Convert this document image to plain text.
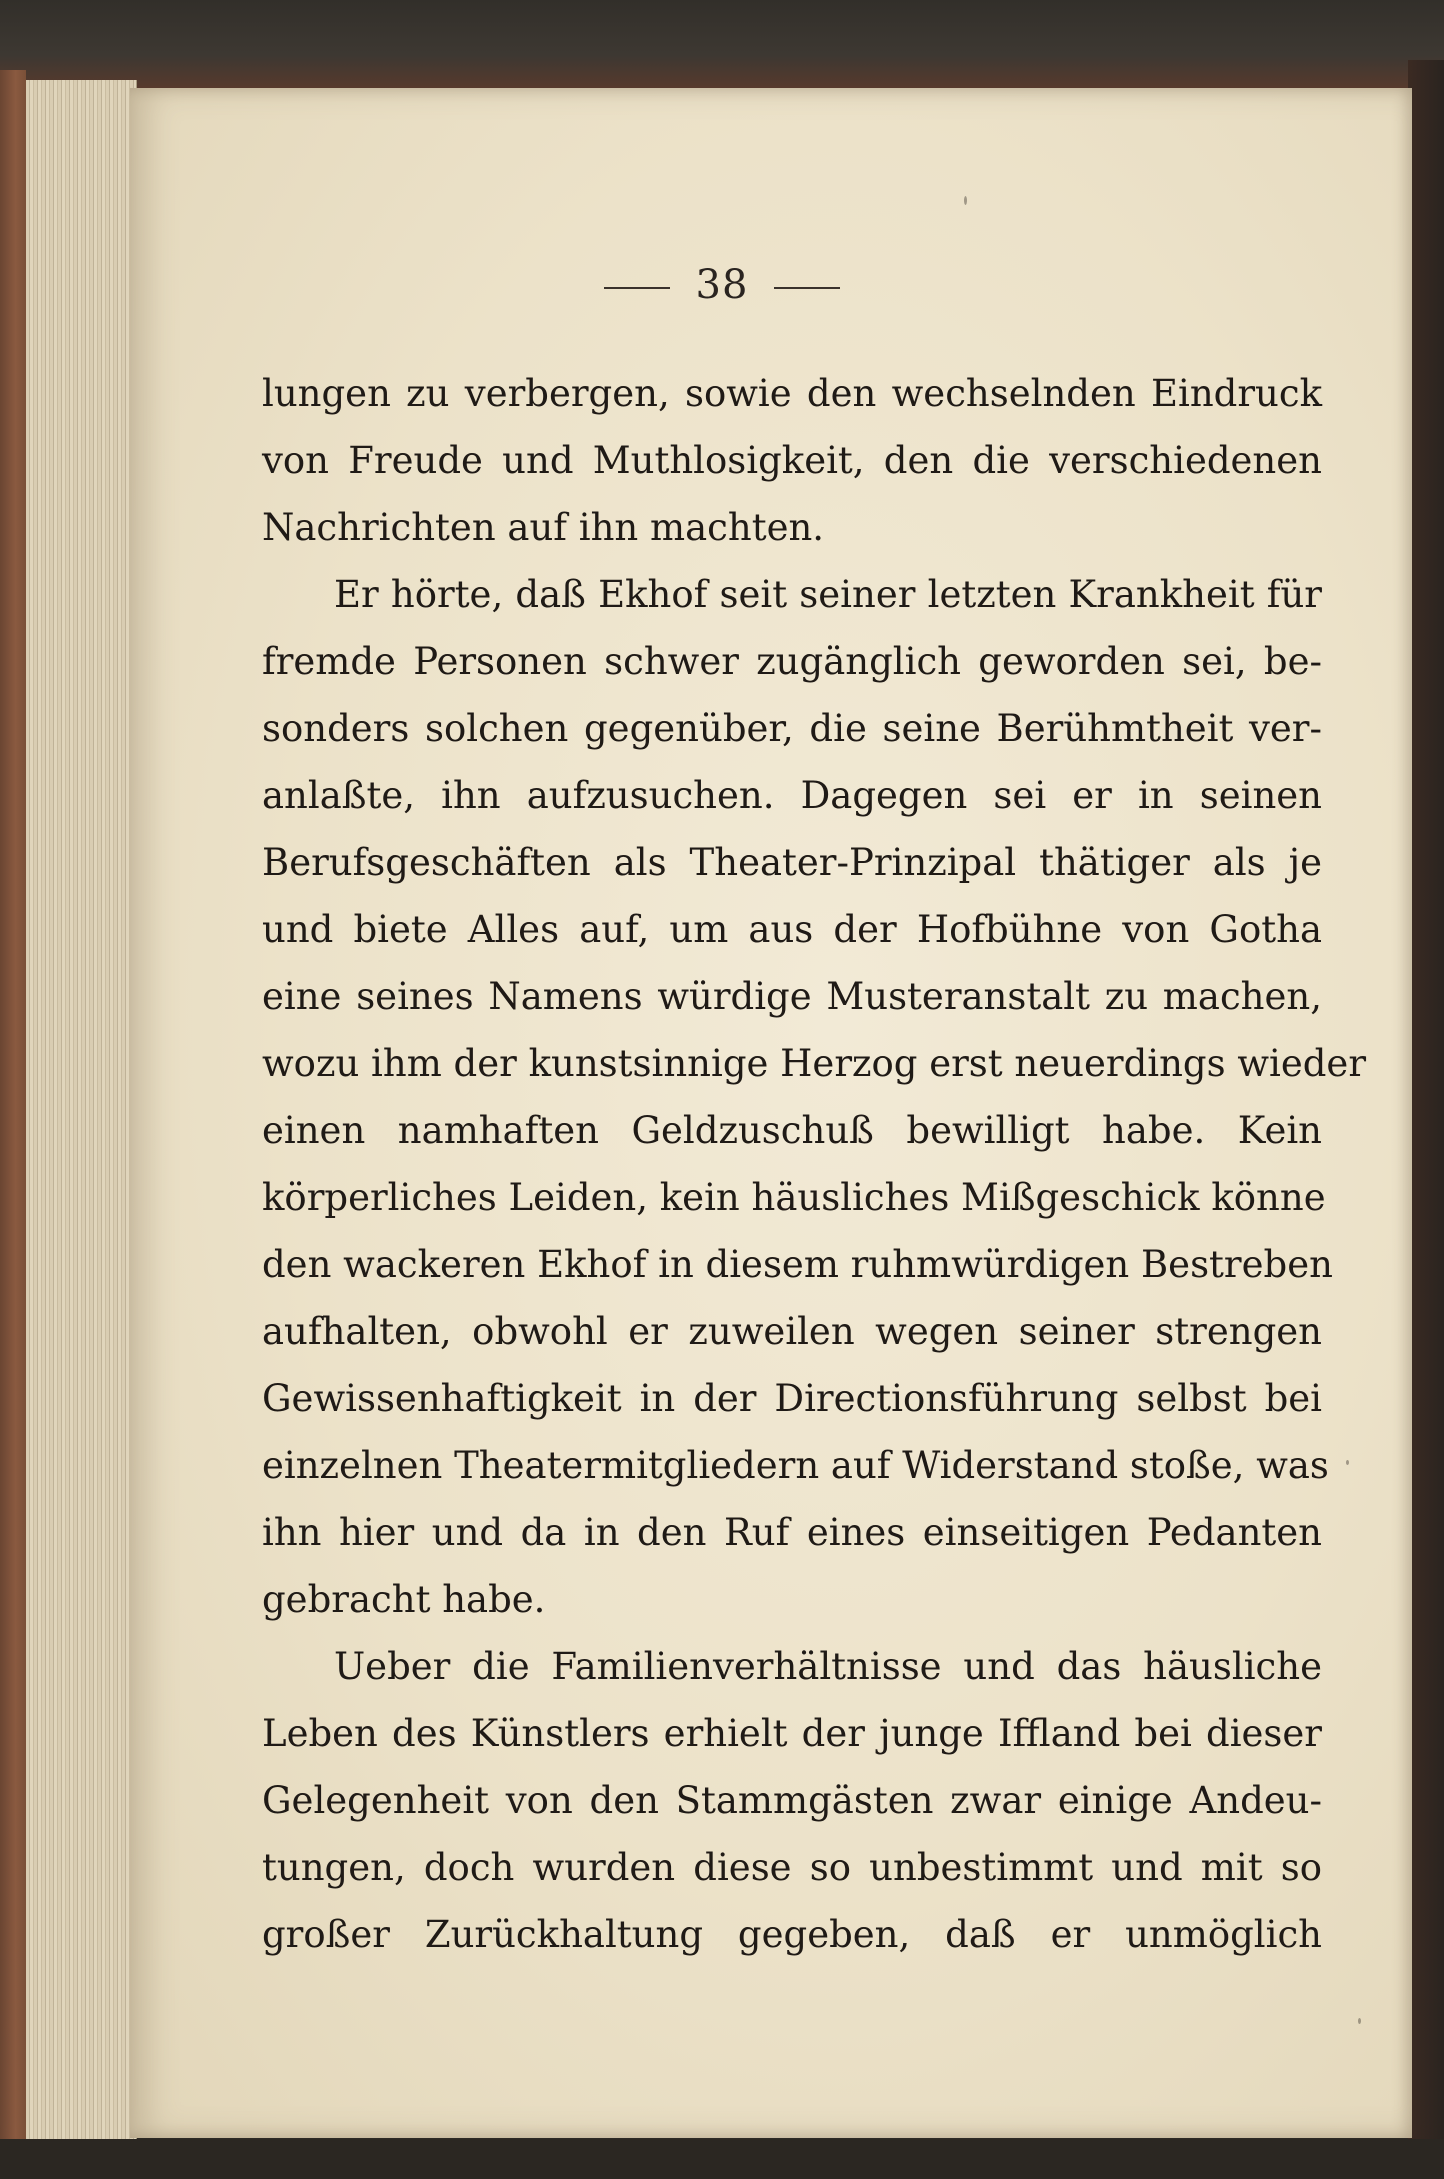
38
lungen zu verbergen, sowie den wechselnden Eindruck
von Freude und Muthlosigkeit, den die verschiedenen
Nachrichten auf ihn machten.
Er hörte, daß Ekhof seit seiner letzten Krankheit für
fremde Personen schwer zugänglich geworden sei, be-
sonders solchen gegenüber, die seine Berühmtheit ver-
anlaßte, ihn aufzusuchen. Dagegen sei er in seinen
Berufsgeschäften als Theater-Prinzipal thätiger als je
und biete Alles auf, um aus der Hofbühne von Gotha
eine seines Namens würdige Musteranstalt zu machen,
wozu ihm der kunstsinnige Herzog erst neuerdings wieder
einen namhaften Geldzuschuß bewilligt habe. Kein
körperliches Leiden, kein häusliches Mißgeschick könne
den wackeren Ekhof in diesem ruhmwürdigen Bestreben
aufhalten, obwohl er zuweilen wegen seiner strengen
Gewissenhaftigkeit in der Directionsführung selbst bei
einzelnen Theatermitgliedern auf Widerstand stoße, was
ihn hier und da in den Ruf eines einseitigen Pedanten
gebracht habe.
Ueber die Familienverhältnisse und das häusliche
Leben des Künstlers erhielt der junge Iffland bei dieser
Gelegenheit von den Stammgästen zwar einige Andeu-
tungen, doch wurden diese so unbestimmt und mit so
großer Zurückhaltung gegeben, daß er unmöglich
